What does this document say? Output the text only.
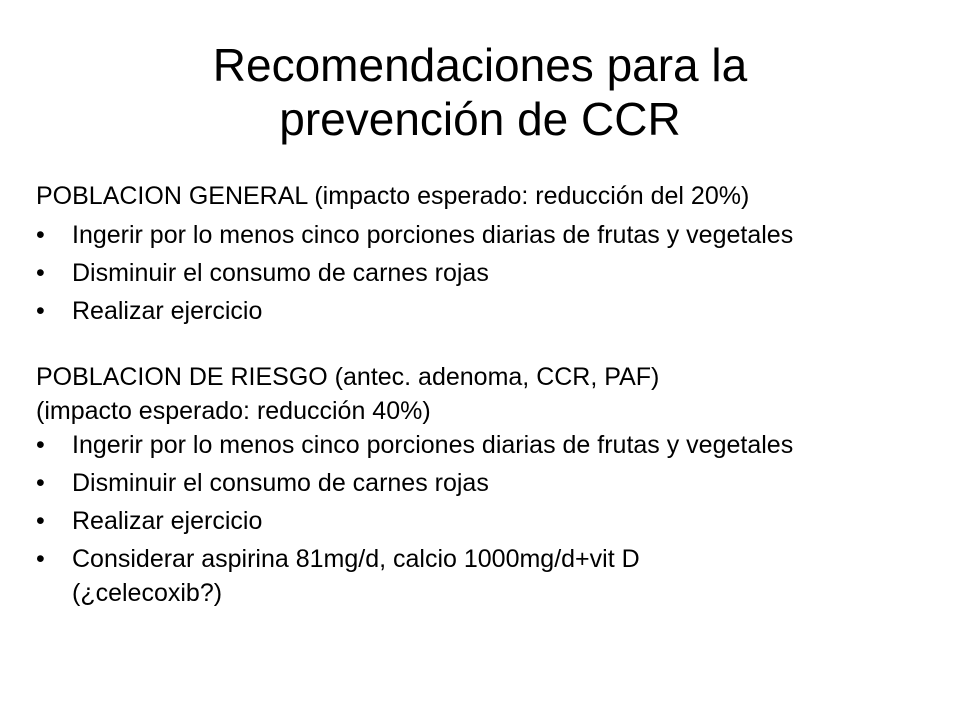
Recomendaciones para la
prevención de CCR

POBLACION GENERAL (impacto esperado: reducción del 20%)

•	Ingerir por lo menos cinco porciones diarias de frutas y vegetales
•	Disminuir el consumo de carnes rojas
•	Realizar ejercicio

POBLACION DE RIESGO (antec. adenoma, CCR, PAF)

(impacto esperado: reducción 40%)

•	Ingerir por lo menos cinco porciones diarias de frutas y vegetales
•	Disminuir el consumo de carnes rojas
•	Realizar ejercicio
•	Considerar aspirina 81mg/d, calcio 1000mg/d+vit D

(¿celecoxib?)
